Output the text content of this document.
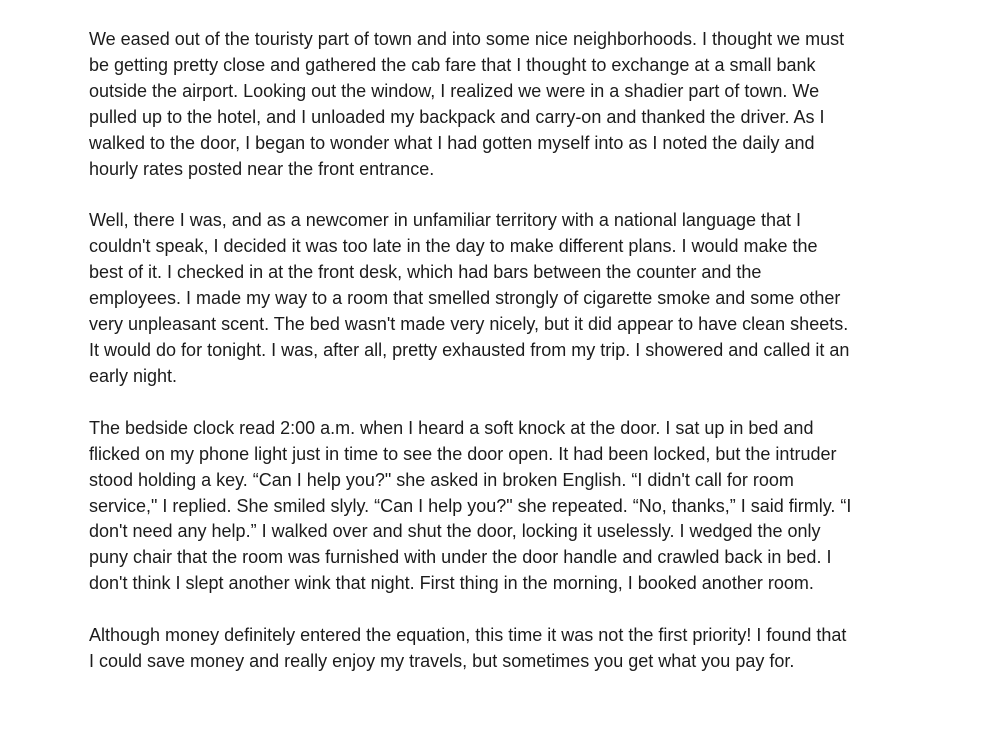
We eased out of the touristy part of town and into some nice neighborhoods. I thought we must
be getting pretty close and gathered the cab fare that I thought to exchange at a small bank
outside the airport. Looking out the window, I realized we were in a shadier part of town. We
pulled up to the hotel, and I unloaded my backpack and carry-on and thanked the driver. As I
walked to the door, I began to wonder what I had gotten myself into as I noted the daily and
hourly rates posted near the front entrance.

Well, there I was, and as a newcomer in unfamiliar territory with a national language that I
couldn't speak, I decided it was too late in the day to make different plans. I would make the
best of it. I checked in at the front desk, which had bars between the counter and the
employees. I made my way to a room that smelled strongly of cigarette smoke and some other
very unpleasant scent. The bed wasn't made very nicely, but it did appear to have clean sheets.
It would do for tonight. I was, after all, pretty exhausted from my trip. I showered and called it an
early night.

The bedside clock read 2:00 a.m. when I heard a soft knock at the door. I sat up in bed and
flicked on my phone light just in time to see the door open. It had been locked, but the intruder
stood holding a key. “Can I help you?" she asked in broken English. “I didn't call for room
service," I replied. She smiled slyly. “Can I help you?" she repeated. “No, thanks,” I said firmly. “I
don't need any help.” I walked over and shut the door, locking it uselessly. I wedged the only
puny chair that the room was furnished with under the door handle and crawled back in bed. I
don't think I slept another wink that night. First thing in the morning, I booked another room.

Although money definitely entered the equation, this time it was not the first priority! I found that
I could save money and really enjoy my travels, but sometimes you get what you pay for.
